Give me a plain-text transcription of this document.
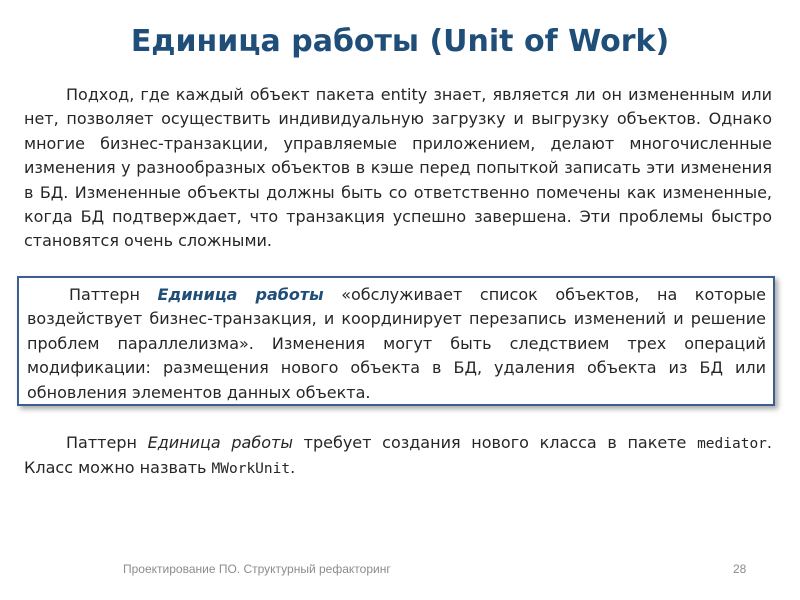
Единица работы (Unit of Work)
Подход, где каждый объект пакета entity знает, является ли он измененным или нет, позволяет осуществить индивидуальную загрузку и выгрузку объектов. Однако многие бизнес-транзакции, управляемые приложением, делают многочисленные изменения у разнообразных объектов в кэше перед попыткой записать эти изменения в БД. Измененные объекты должны быть со ответственно помечены как измененные, когда БД подтверждает, что транзакция успешно завершена. Эти проблемы быстро становятся очень сложными.
Паттерн Единица работы «обслуживает список объектов, на которые воздействует бизнес-транзакция, и координирует перезапись изменений и решение проблем параллелизма». Изменения могут быть следствием трех операций модификации: размещения нового объекта в БД, удаления объекта из БД или обновления элементов данных объекта.
Паттерн Единица работы требует создания нового класса в пакете mediator. Класс можно назвать MWorkUnit.
Проектирование ПО. Структурный рефакторинг	28
